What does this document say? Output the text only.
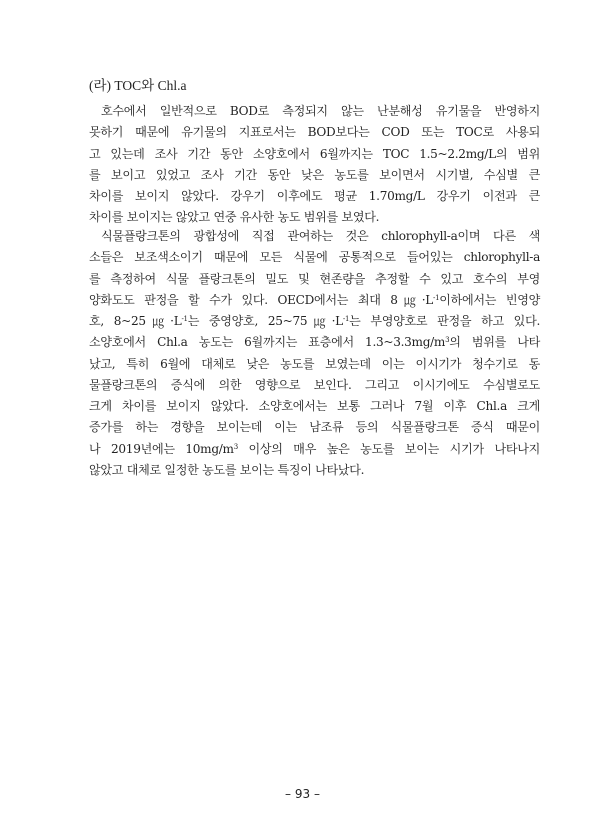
(라) TOC와 Chl.a
호수에서 일반적으로 BOD로 측정되지 않는 난분해성 유기물을 반영하지
못하기 때문에 유기물의 지표로서는 BOD보다는 COD 또는 TOC로 사용되
고 있는데 조사 기간 동안 소양호에서 6월까지는 TOC 1.5~2.2mg/L의 범위
를 보이고 있었고 조사 기간 동안 낮은 농도를 보이면서 시기별, 수심별 큰
차이를 보이지 않았다. 강우기 이후에도 평균 1.70mg/L 강우기 이전과 큰
차이를 보이지는 않았고 연중 유사한 농도 범위를 보였다.
식물플랑크톤의 광합성에 직접 관여하는 것은 chlorophyll-a이며 다른 색
소들은 보조색소이기 때문에 모든 식물에 공통적으로 들어있는 chlorophyll-a
를 측정하여 식물 플랑크톤의 밀도 및 현존량을 추정할 수 있고 호수의 부영
양화도도 판정을 할 수가 있다. OECD에서는 최대 $8㎍\cdot L^{-1}$이하에서는 빈영양
호, $8\sim 25㎍\cdot L^{-1}$는 중영양호, $25\sim 75㎍\cdot L^{-1}$는 부영양호로 판정을 하고 있다.
소양호에서 Chl.a 농도는 6월까지는 표층에서 $1.3\sim 3.3mg/m^3$의 범위를 나타
났고, 특히 6월에 대체로 낮은 농도를 보였는데 이는 이시기가 청수기로 동
물플랑크톤의 증식에 의한 영향으로 보인다. 그리고 이시기에도 수심별로도
크게 차이를 보이지 않았다. 소양호에서는 보통 그러나 7월 이후 Chl.a 크게
증가를 하는 경향을 보이는데 이는 남조류 등의 식물플랑크톤 증식 때문이
나 2019년에는 $10mg/m^3$ 이상의 매우 높은 농도를 보이는 시기가 나타나지
않았고 대체로 일정한 농도를 보이는 특징이 나타났다.
– 93 –
